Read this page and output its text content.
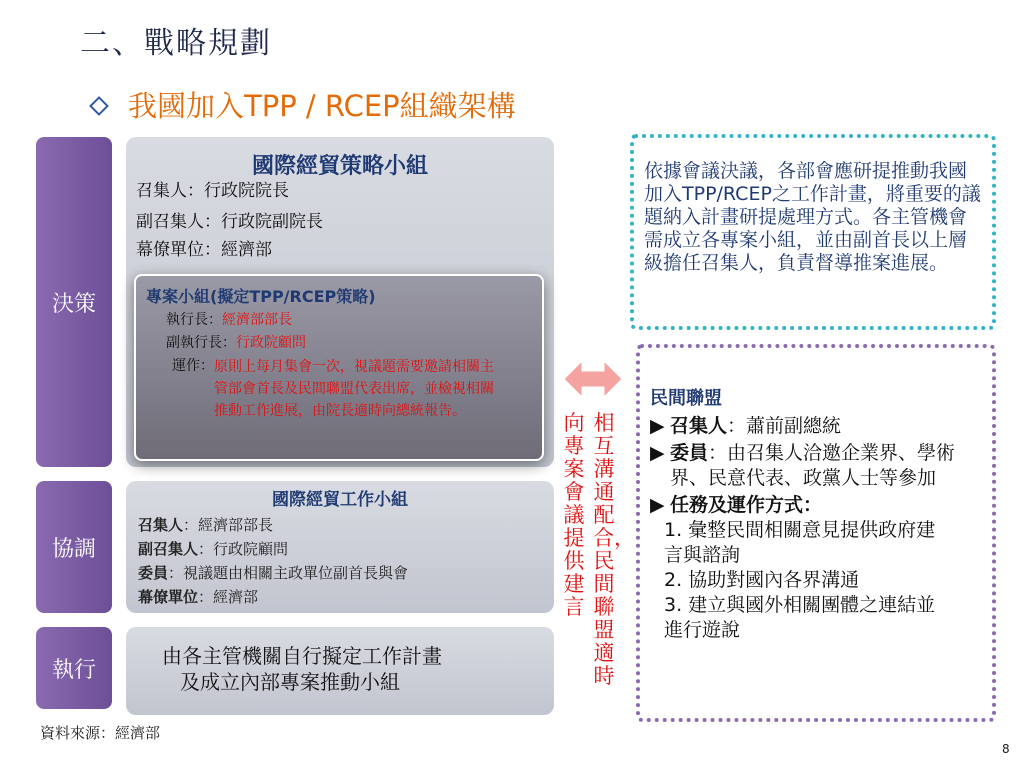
二、戰略規劃
我國加入TPP / RCEP組織架構
決策
協調
執行
國際經貿策略小組
召集人：行政院院長
副召集人：行政院副院長
幕僚單位：經濟部
專案小組(擬定TPP/RCEP策略)
執行長： 經濟部部長
副執行長： 行政院顧問
運作： 原則上每月集會一次，視議題需要邀請相關主管部會首長及民間聯盟代表出席，並檢視相關推動工作進展，由院長適時向總統報告。
國際經貿工作小組
召集人：經濟部部長
副召集人：行政院顧問
委員：視議題由相關主政單位副首長與會
幕僚單位：經濟部
由各主管機關自行擬定工作計畫
及成立內部專案推動小組
相互溝通配合，民間聯盟適時
向專案會議提供建言
依據會議決議，各部會應研提推動我國加入TPP/RCEP之工作計畫，將重要的議題納入計畫研提處理方式。各主管機會需成立各專案小組，並由副首長以上層級擔任召集人，負責督導推案進展。
民間聯盟
▶ 召集人：蕭前副總統
▶ 委員：由召集人洽邀企業界、學術界、民意代表、政黨人士等參加
▶ 任務及運作方式：
1. 彙整民間相關意見提供政府建言與諮詢
2. 協助對國內各界溝通
3. 建立與國外相關團體之連結並進行遊說
資料來源：經濟部
8
